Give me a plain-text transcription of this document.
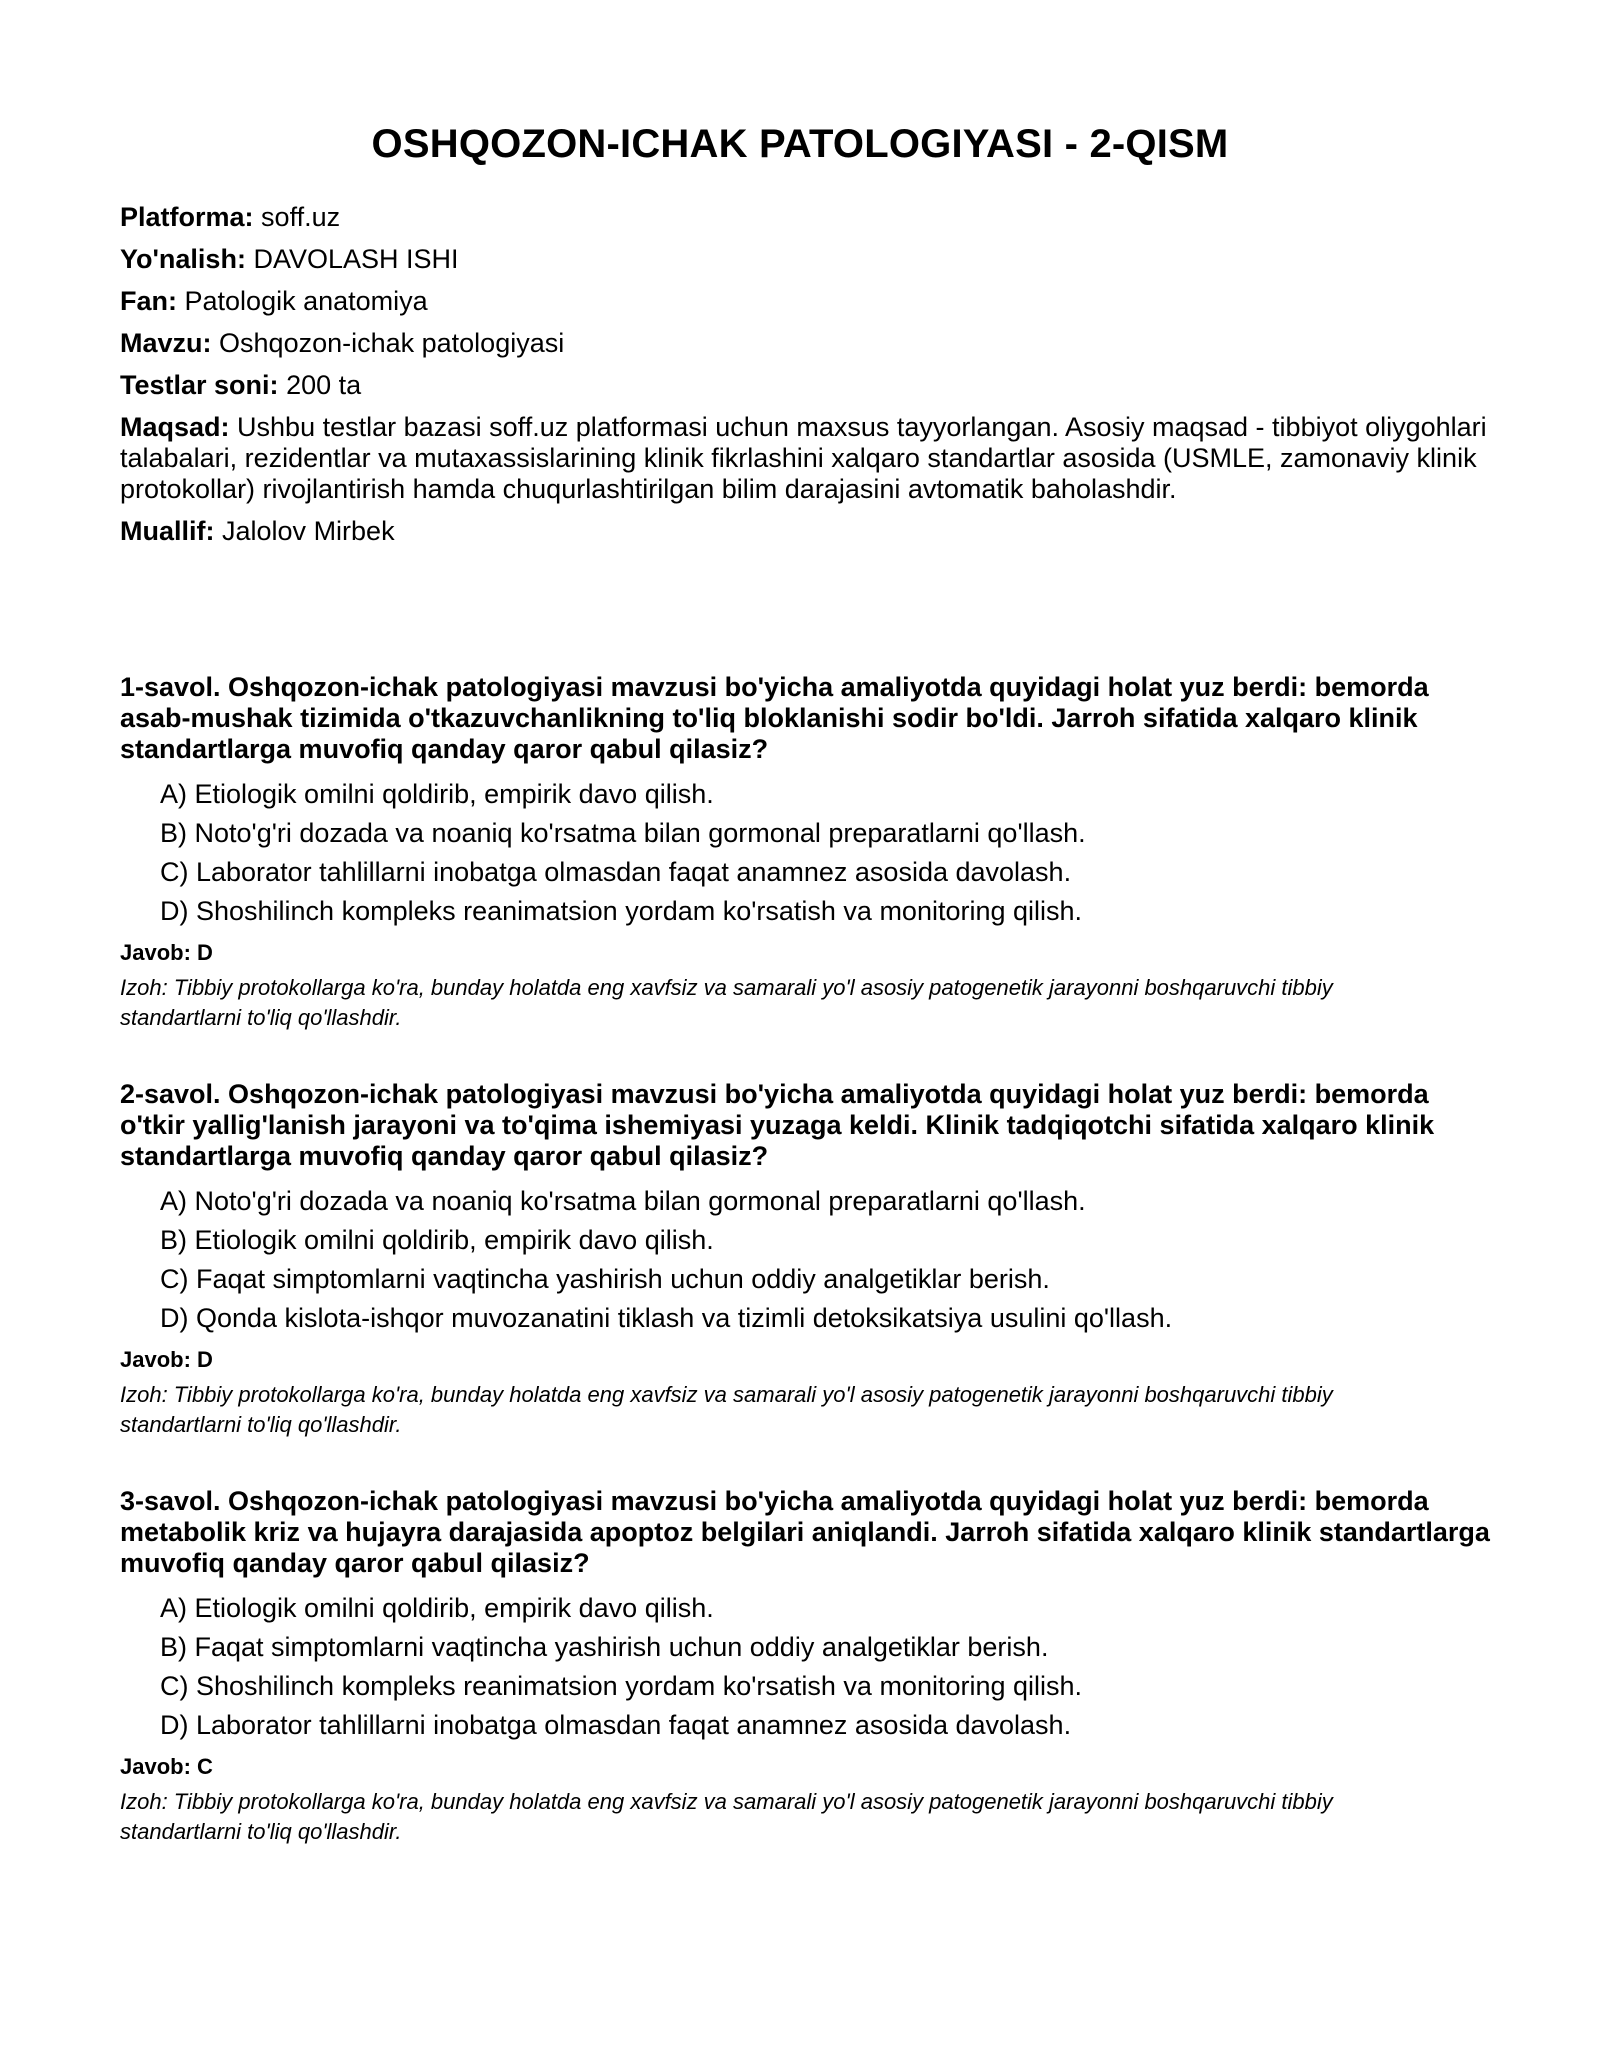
OSHQOZON-ICHAK PATOLOGIYASI - 2-QISM

Platforma: soff.uz

Yo'nalish: DAVOLASH ISHI

Fan: Patologik anatomiya

Mavzu: Oshqozon-ichak patologiyasi

Testlar soni: 200 ta

Maqsad: Ushbu testlar bazasi soff.uz platformasi uchun maxsus tayyorlangan. Asosiy maqsad - tibbiyot oliygohlari talabalari, rezidentlar va mutaxassislarining klinik fikrlashini xalqaro standartlar asosida (USMLE, zamonaviy klinik protokollar) rivojlantirish hamda chuqurlashtirilgan bilim darajasini avtomatik baholashdir.

Muallif: Jalolov Mirbek

1-savol. Oshqozon-ichak patologiyasi mavzusi bo'yicha amaliyotda quyidagi holat yuz berdi: bemorda asab-mushak tizimida o'tkazuvchanlikning to'liq bloklanishi sodir bo'ldi. Jarroh sifatida xalqaro klinik standartlarga muvofiq qanday qaror qabul qilasiz?

A) Etiologik omilni qoldirib, empirik davo qilish.

B) Noto'g'ri dozada va noaniq ko'rsatma bilan gormonal preparatlarni qo'llash.

C) Laborator tahlillarni inobatga olmasdan faqat anamnez asosida davolash.

D) Shoshilinch kompleks reanimatsion yordam ko'rsatish va monitoring qilish.

Javob: D

Izoh: Tibbiy protokollarga ko'ra, bunday holatda eng xavfsiz va samarali yo'l asosiy patogenetik jarayonni boshqaruvchi tibbiy standartlarni to'liq qo'llashdir.

2-savol. Oshqozon-ichak patologiyasi mavzusi bo'yicha amaliyotda quyidagi holat yuz berdi: bemorda o'tkir yallig'lanish jarayoni va to'qima ishemiyasi yuzaga keldi. Klinik tadqiqotchi sifatida xalqaro klinik standartlarga muvofiq qanday qaror qabul qilasiz?

A) Noto'g'ri dozada va noaniq ko'rsatma bilan gormonal preparatlarni qo'llash.

B) Etiologik omilni qoldirib, empirik davo qilish.

C) Faqat simptomlarni vaqtincha yashirish uchun oddiy analgetiklar berish.

D) Qonda kislota-ishqor muvozanatini tiklash va tizimli detoksikatsiya usulini qo'llash.

Javob: D

Izoh: Tibbiy protokollarga ko'ra, bunday holatda eng xavfsiz va samarali yo'l asosiy patogenetik jarayonni boshqaruvchi tibbiy standartlarni to'liq qo'llashdir.

3-savol. Oshqozon-ichak patologiyasi mavzusi bo'yicha amaliyotda quyidagi holat yuz berdi: bemorda metabolik kriz va hujayra darajasida apoptoz belgilari aniqlandi. Jarroh sifatida xalqaro klinik standartlarga muvofiq qanday qaror qabul qilasiz?

A) Etiologik omilni qoldirib, empirik davo qilish.

B) Faqat simptomlarni vaqtincha yashirish uchun oddiy analgetiklar berish.

C) Shoshilinch kompleks reanimatsion yordam ko'rsatish va monitoring qilish.

D) Laborator tahlillarni inobatga olmasdan faqat anamnez asosida davolash.

Javob: C

Izoh: Tibbiy protokollarga ko'ra, bunday holatda eng xavfsiz va samarali yo'l asosiy patogenetik jarayonni boshqaruvchi tibbiy standartlarni to'liq qo'llashdir.
